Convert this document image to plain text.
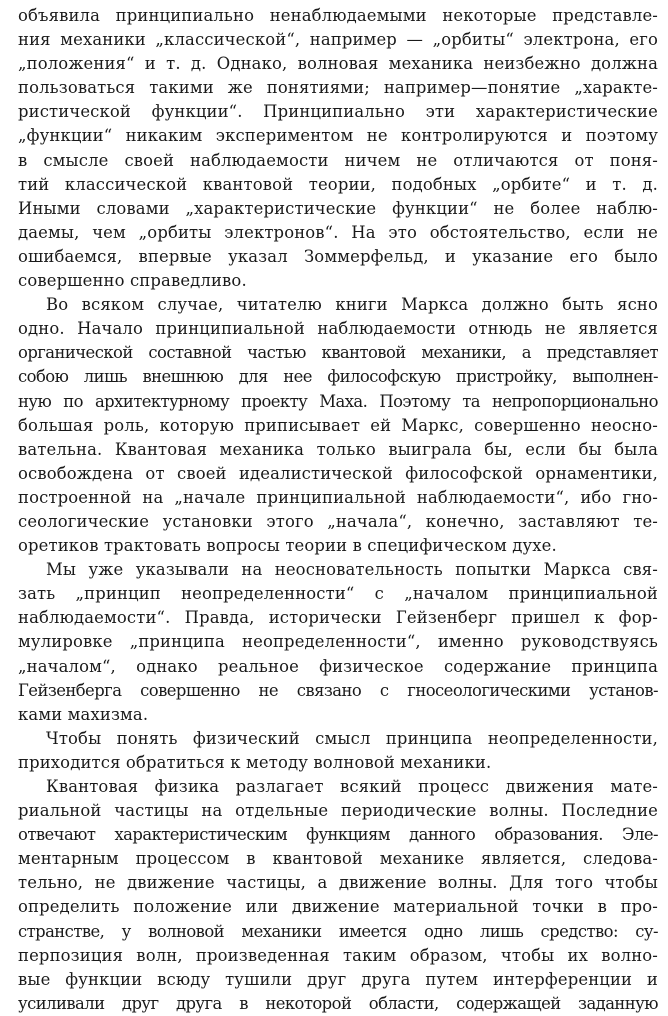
объявила принципиально ненаблюдаемыми некоторые представле-
ния механики „классической“, например — „орбиты“ электрона, его
„положения“ и т. д. Однако, волновая механика неизбежно должна
пользоваться такими же понятиями; например—понятие „характе-
ристической функции“. Принципиально эти характеристические
„функции“ никаким экспериментом не контролируются и поэтому
в смысле своей наблюдаемости ничем не отличаются от поня-
тий классической квантовой теории, подобных „орбите“ и т. д.
Иными словами „характеристические функции“ не более наблю-
даемы, чем „орбиты электронов“. На это обстоятельство, если не
ошибаемся, впервые указал Зоммерфельд, и указание его было
совершенно справедливо.

Во всяком случае, читателю книги Маркса должно быть ясно
одно. Начало принципиальной наблюдаемости отнюдь не является
органической составной частью квантовой механики, а представляет
собою лишь внешнюю для нее философскую пристройку, выполнен-
ную по архитектурному проекту Маха. Поэтому та непропорционально
большая роль, которую приписывает ей Маркс, совершенно неосно-
вательна. Квантовая механика только выиграла бы, если бы была
освобождена от своей идеалистической философской орнаментики,
построенной на „начале принципиальной наблюдаемости“, ибо гно-
сеологические установки этого „начала“, конечно, заставляют те-
оретиков трактовать вопросы теории в специфическом духе.

Мы уже указывали на неосновательность попытки Маркса свя-
зать „принцип неопределенности“ с „началом принципиальной
наблюдаемости“. Правда, исторически Гейзенберг пришел к фор-
мулировке „принципа неопределенности“, именно руководствуясь
„началом“, однако реальное физическое содержание принципа
Гейзенберга совершенно не связано с гносеологическими установ-
ками махизма.

Чтобы понять физический смысл принципа неопределенности,
приходится обратиться к методу волновой механики.

Квантовая физика разлагает всякий процесс движения мате-
риальной частицы на отдельные периодические волны. Последние
отвечают характеристическим функциям данного образования. Эле-
ментарным процессом в квантовой механике является, следова-
тельно, не движение частицы, а движение волны. Для того чтобы
определить положение или движение материальной точки в про-
странстве, у волновой механики имеется одно лишь средство: су-
перпозиция волн, произведенная таким образом, чтобы их волно-
вые функции всюду тушили друг друга путем интерференции и
усиливали друг друга в некоторой области, содержащей заданную
